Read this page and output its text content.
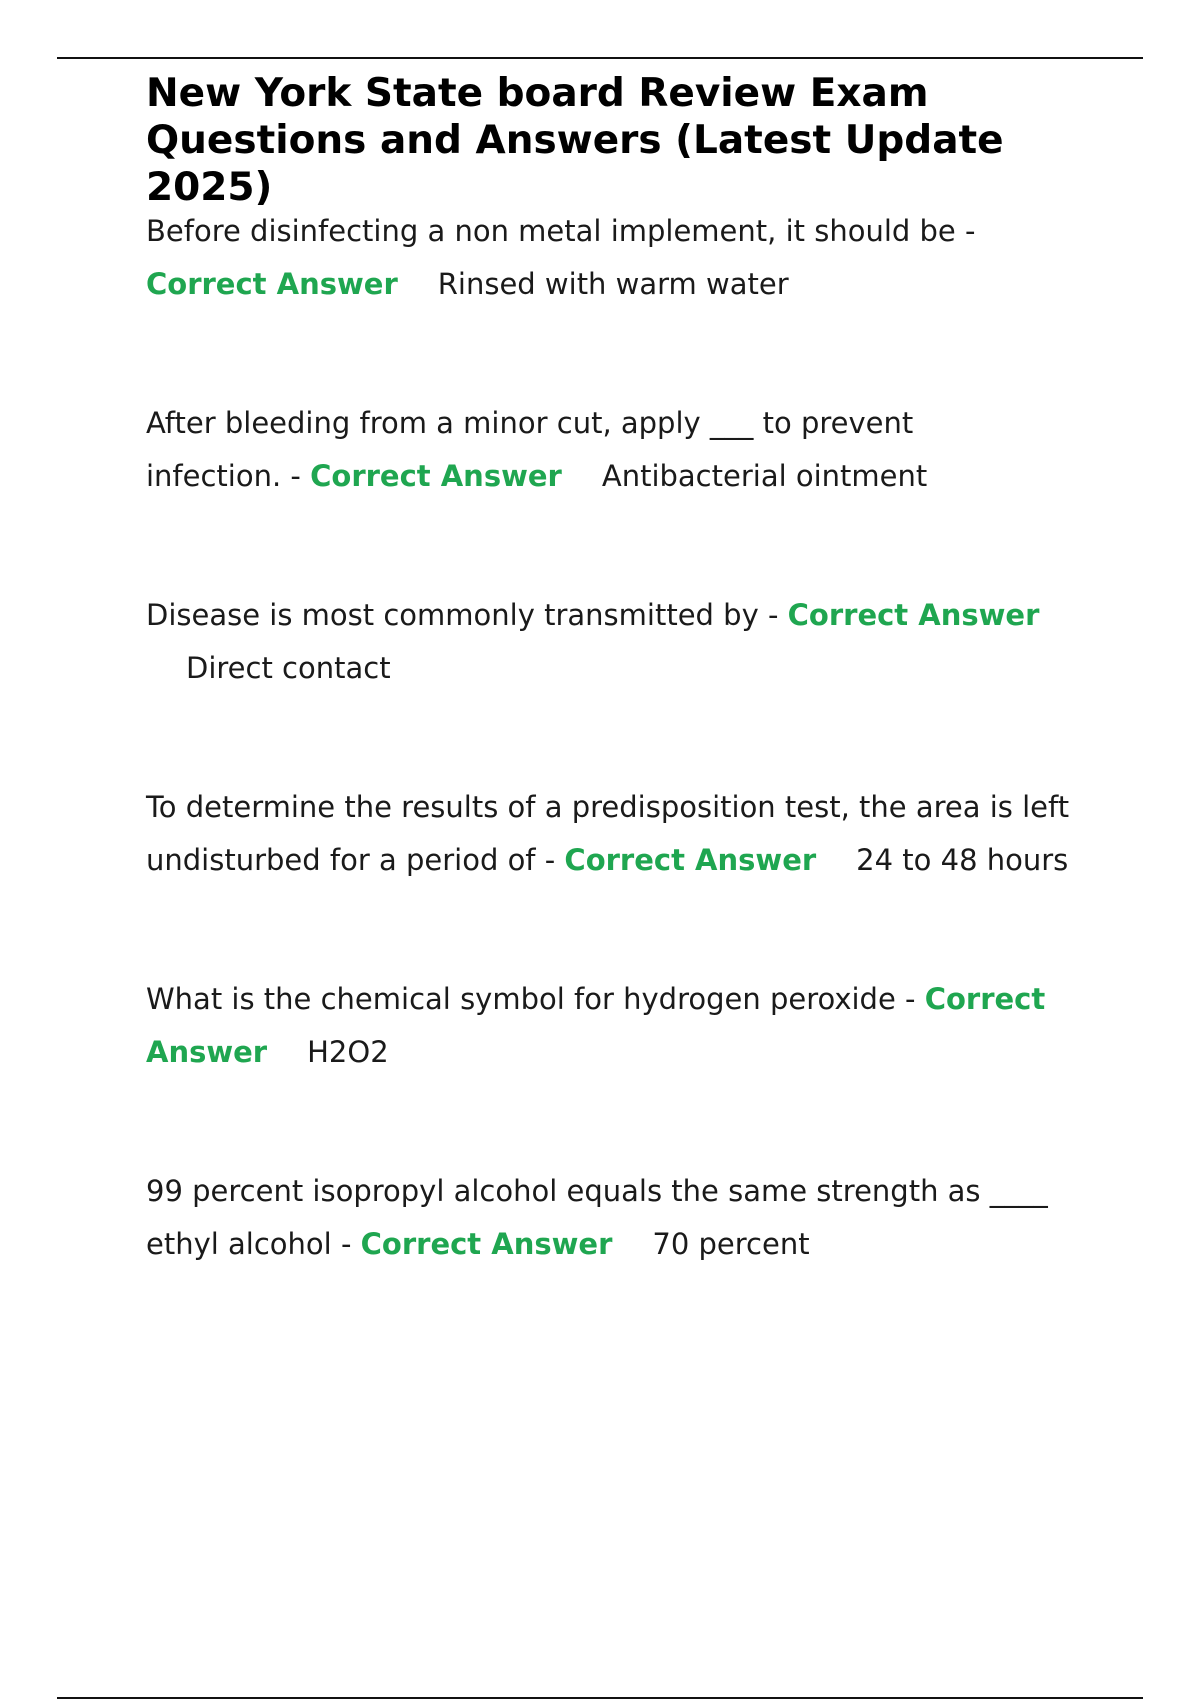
New York State board Review Exam Questions and Answers (Latest Update 2025)

Before disinfecting a non metal implement, it should be -
Correct Answer Rinsed with warm water

After bleeding from a minor cut, apply ___ to prevent infection. - Correct Answer Antibacterial ointment

Disease is most commonly transmitted by - Correct Answer
Direct contact

To determine the results of a predisposition test, the area is left undisturbed for a period of - Correct Answer 24 to 48 hours

What is the chemical symbol for hydrogen peroxide - Correct Answer H2O2

99 percent isopropyl alcohol equals the same strength as ____ ethyl alcohol - Correct Answer 70 percent
